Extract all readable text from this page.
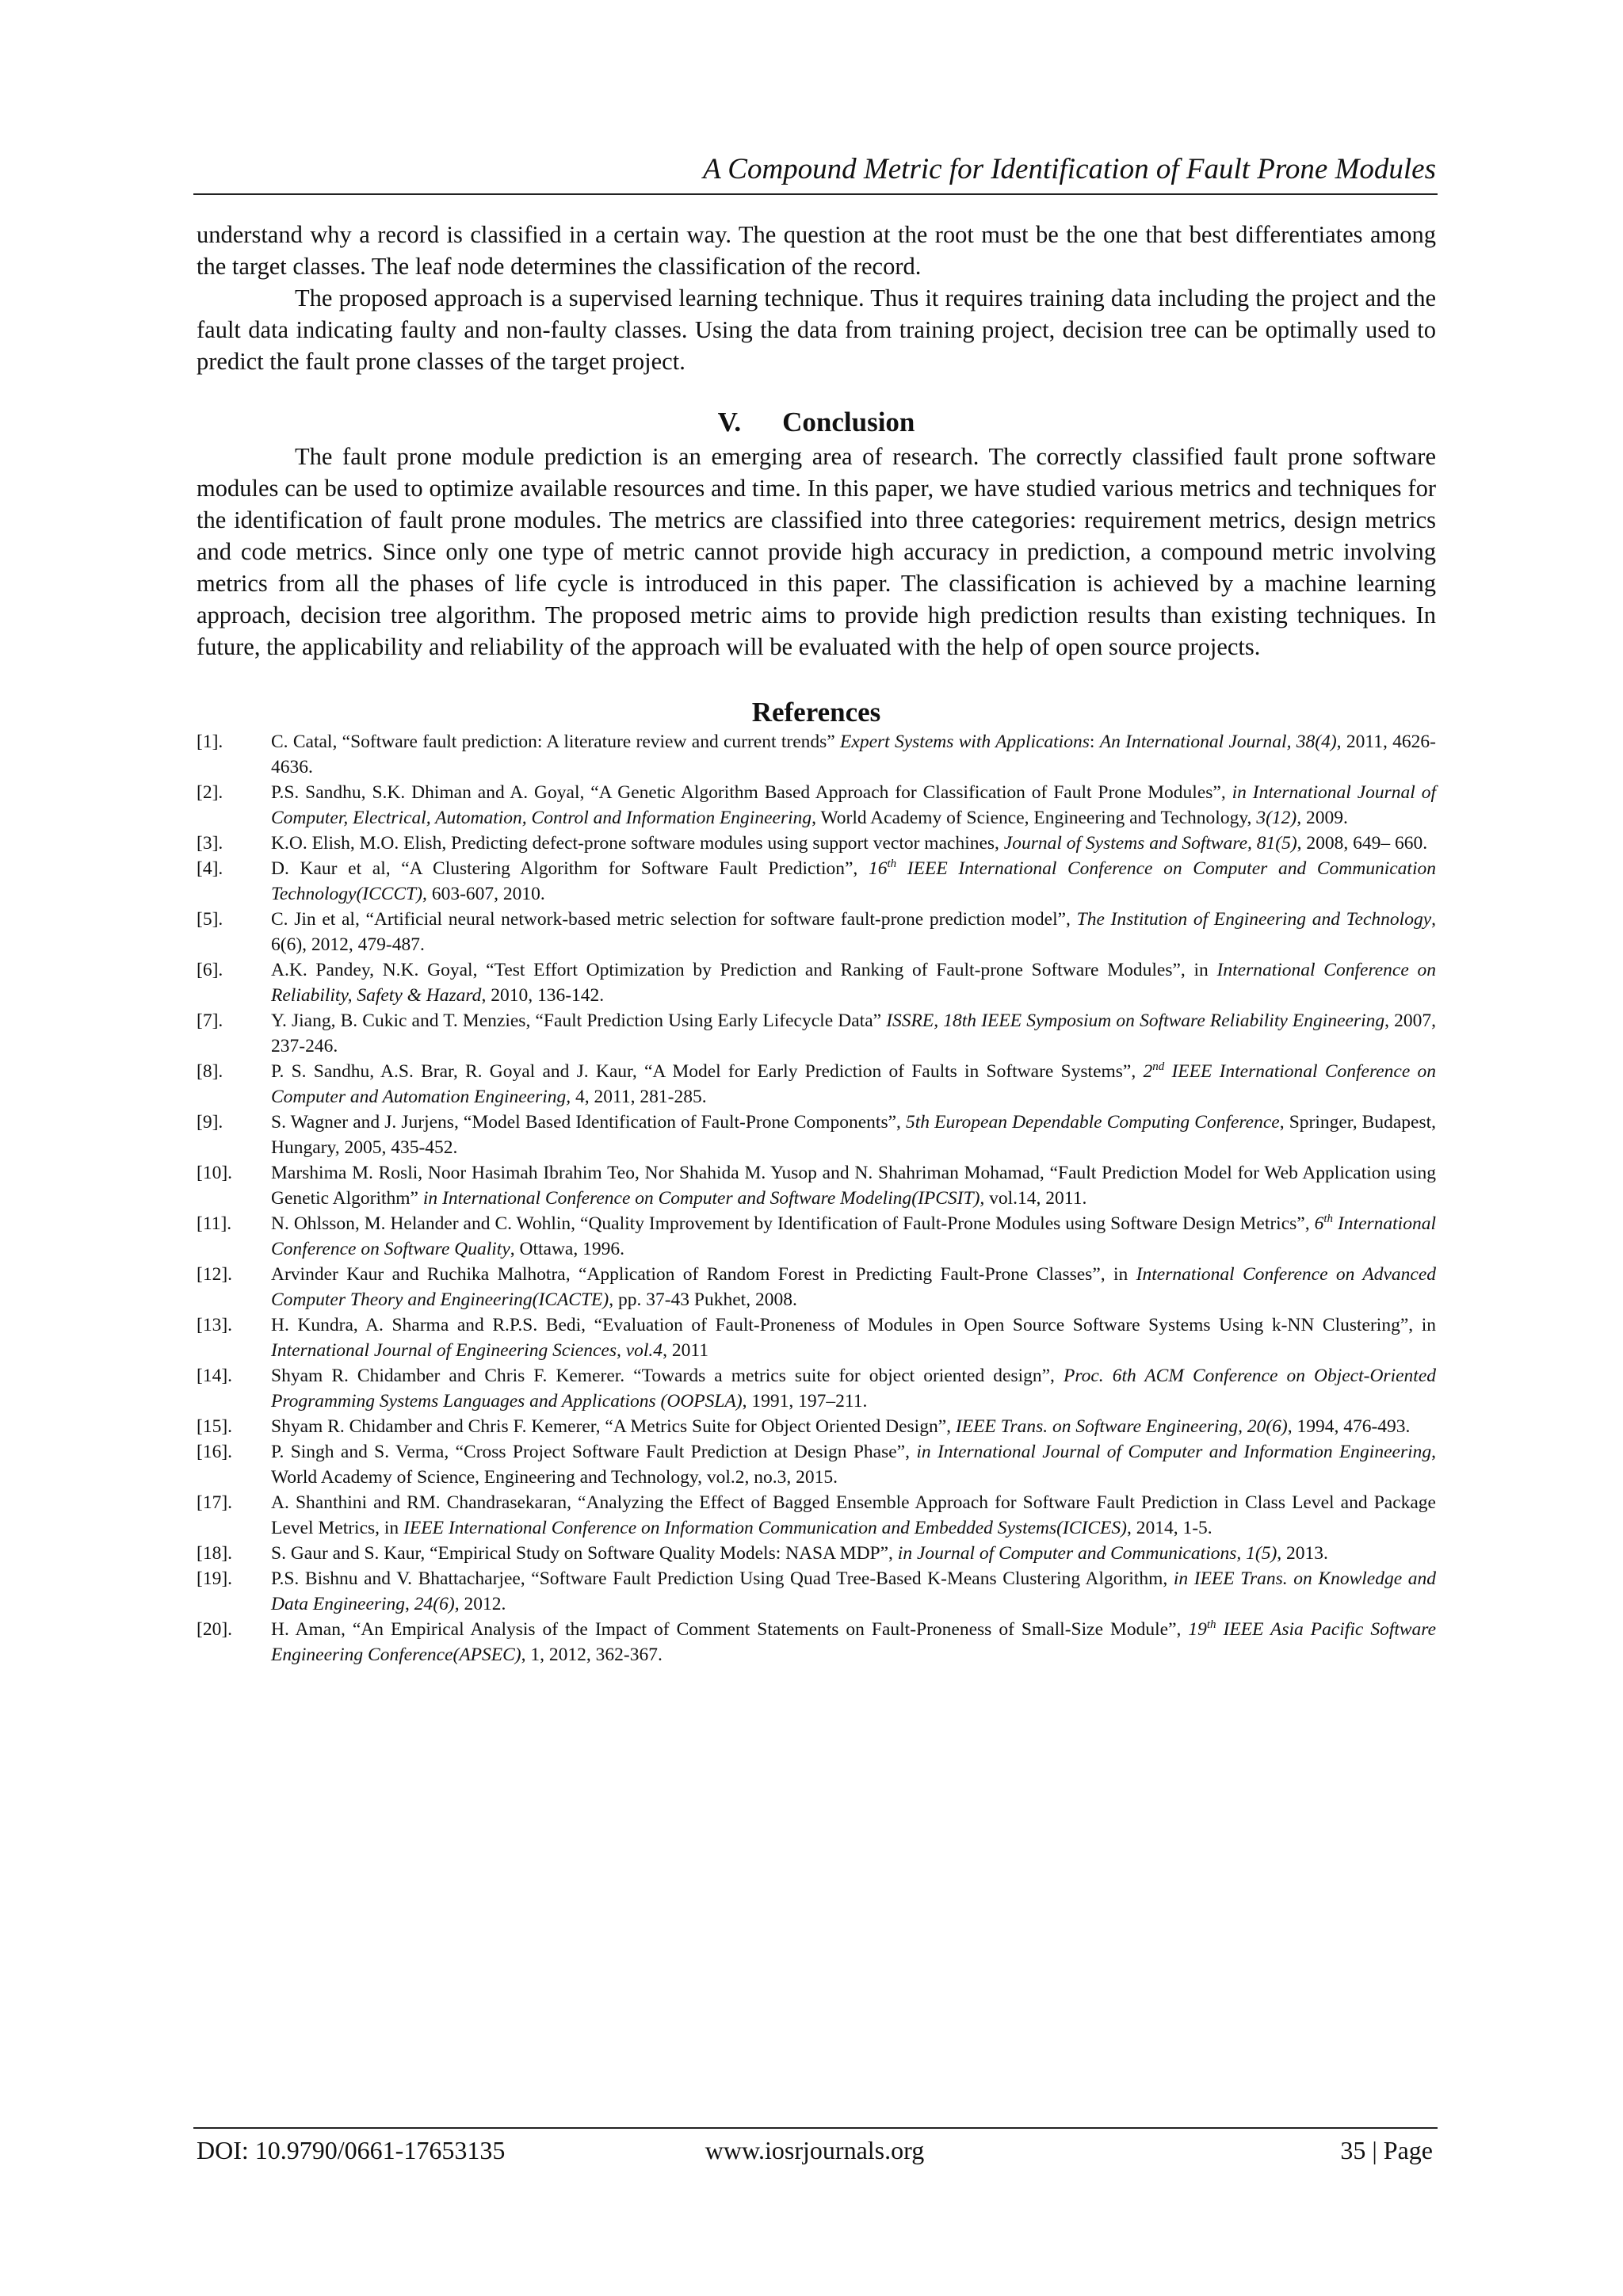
A Compound Metric for Identification of Fault Prone Modules

understand why a record is classified in a certain way. The question at the root must be the one that best differentiates among the target classes. The leaf node determines the classification of the record.

The proposed approach is a supervised learning technique. Thus it requires training data including the project and the fault data indicating faulty and non-faulty classes. Using the data from training project, decision tree can be optimally used to predict the fault prone classes of the target project.

V. Conclusion

The fault prone module prediction is an emerging area of research. The correctly classified fault prone software modules can be used to optimize available resources and time. In this paper, we have studied various metrics and techniques for the identification of fault prone modules. The metrics are classified into three categories: requirement metrics, design metrics and code metrics. Since only one type of metric cannot provide high accuracy in prediction, a compound metric involving metrics from all the phases of life cycle is introduced in this paper. The classification is achieved by a machine learning approach, decision tree algorithm. The proposed metric aims to provide high prediction results than existing techniques. In future, the applicability and reliability of the approach will be evaluated with the help of open source projects.

References
[1].	C. Catal, “Software fault prediction: A literature review and current trends” Expert Systems with Applications: An International Journal, 38(4), 2011, 4626-4636.
[2].	P.S. Sandhu, S.K. Dhiman and A. Goyal, “A Genetic Algorithm Based Approach for Classification of Fault Prone Modules”, in International Journal of Computer, Electrical, Automation, Control and Information Engineering, World Academy of Science, Engineering and Technology, 3(12), 2009.
[3].	K.O. Elish, M.O. Elish, Predicting defect-prone software modules using support vector machines, Journal of Systems and Software, 81(5), 2008, 649– 660.
[4].	D. Kaur et al, “A Clustering Algorithm for Software Fault Prediction”, 16th IEEE International Conference on Computer and Communication Technology(ICCCT), 603-607, 2010.
[5].	C. Jin et al, “Artificial neural network-based metric selection for software fault-prone prediction model”, The Institution of Engineering and Technology, 6(6), 2012, 479-487.
[6].	A.K. Pandey, N.K. Goyal, “Test Effort Optimization by Prediction and Ranking of Fault-prone Software Modules”, in International Conference on Reliability, Safety & Hazard, 2010, 136-142.
[7].	Y. Jiang, B. Cukic and T. Menzies, “Fault Prediction Using Early Lifecycle Data” ISSRE, 18th IEEE Symposium on Software Reliability Engineering, 2007, 237-246.
[8].	P. S. Sandhu, A.S. Brar, R. Goyal and J. Kaur, “A Model for Early Prediction of Faults in Software Systems”, 2nd IEEE International Conference on Computer and Automation Engineering, 4, 2011, 281-285.
[9].	S. Wagner and J. Jurjens, “Model Based Identification of Fault-Prone Components”, 5th European Dependable Computing Conference, Springer, Budapest, Hungary, 2005, 435-452.
[10].	Marshima M. Rosli, Noor Hasimah Ibrahim Teo, Nor Shahida M. Yusop and N. Shahriman Mohamad, “Fault Prediction Model for Web Application using Genetic Algorithm” in International Conference on Computer and Software Modeling(IPCSIT), vol.14, 2011.
[11].	N. Ohlsson, M. Helander and C. Wohlin, “Quality Improvement by Identification of Fault-Prone Modules using Software Design Metrics”, 6th International Conference on Software Quality, Ottawa, 1996.
[12].	Arvinder Kaur and Ruchika Malhotra, “Application of Random Forest in Predicting Fault-Prone Classes”, in International Conference on Advanced Computer Theory and Engineering(ICACTE), pp. 37-43 Pukhet, 2008.
[13].	H. Kundra, A. Sharma and R.P.S. Bedi, “Evaluation of Fault-Proneness of Modules in Open Source Software Systems Using k-NN Clustering”, in International Journal of Engineering Sciences, vol.4, 2011
[14].	Shyam R. Chidamber and Chris F. Kemerer. “Towards a metrics suite for object oriented design”, Proc. 6th ACM Conference on Object-Oriented Programming Systems Languages and Applications (OOPSLA), 1991, 197–211.
[15].	Shyam R. Chidamber and Chris F. Kemerer, “A Metrics Suite for Object Oriented Design”, IEEE Trans. on Software Engineering, 20(6), 1994, 476-493.
[16].	P. Singh and S. Verma, “Cross Project Software Fault Prediction at Design Phase”, in International Journal of Computer and Information Engineering, World Academy of Science, Engineering and Technology, vol.2, no.3, 2015.
[17].	A. Shanthini and RM. Chandrasekaran, “Analyzing the Effect of Bagged Ensemble Approach for Software Fault Prediction in Class Level and Package Level Metrics, in IEEE International Conference on Information Communication and Embedded Systems(ICICES), 2014, 1-5.
[18].	S. Gaur and S. Kaur, “Empirical Study on Software Quality Models: NASA MDP”, in Journal of Computer and Communications, 1(5), 2013.
[19].	P.S. Bishnu and V. Bhattacharjee, “Software Fault Prediction Using Quad Tree-Based K-Means Clustering Algorithm, in IEEE Trans. on Knowledge and Data Engineering, 24(6), 2012.
[20].	H. Aman, “An Empirical Analysis of the Impact of Comment Statements on Fault-Proneness of Small-Size Module”, 19th IEEE Asia Pacific Software Engineering Conference(APSEC), 1, 2012, 362-367.
DOI: 10.9790/0661-17653135	www.iosrjournals.org	35 | Page
